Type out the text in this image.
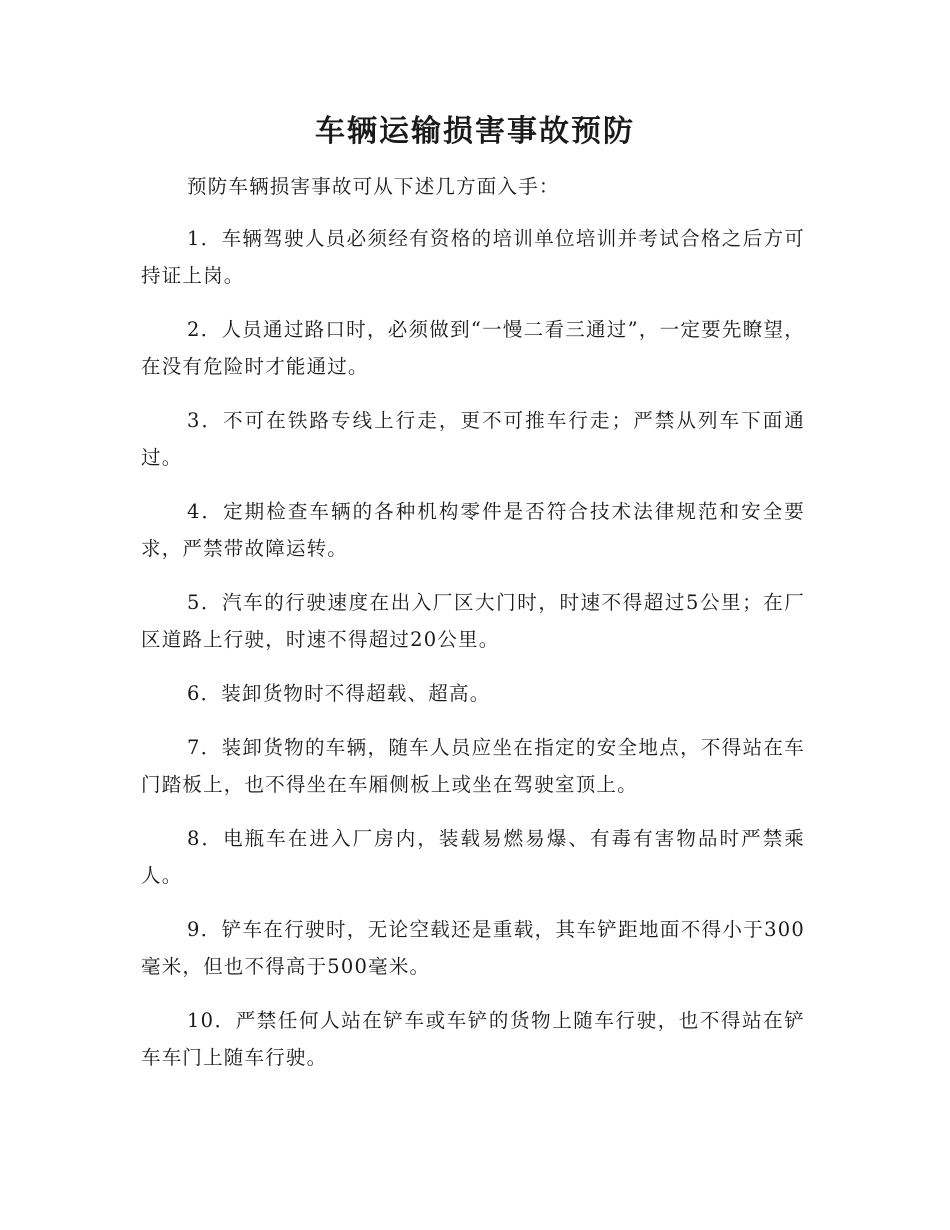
车辆运输损害事故预防

预防车辆损害事故可从下述几方面入手：

1．车辆驾驶人员必须经有资格的培训单位培训并考试合格之后方可持证上岗。

2．人员通过路口时，必须做到“一慢二看三通过”，一定要先瞭望，在没有危险时才能通过。

3．不可在铁路专线上行走，更不可推车行走；严禁从列车下面通过。

4．定期检查车辆的各种机构零件是否符合技术法律规范和安全要求，严禁带故障运转。

5．汽车的行驶速度在出入厂区大门时，时速不得超过5公里；在厂区道路上行驶，时速不得超过20公里。

6．装卸货物时不得超载、超高。

7．装卸货物的车辆，随车人员应坐在指定的安全地点，不得站在车门踏板上，也不得坐在车厢侧板上或坐在驾驶室顶上。

8．电瓶车在进入厂房内，装载易燃易爆、有毒有害物品时严禁乘人。

9．铲车在行驶时，无论空载还是重载，其车铲距地面不得小于300毫米，但也不得高于500毫米。

10．严禁任何人站在铲车或车铲的货物上随车行驶，也不得站在铲车车门上随车行驶。
